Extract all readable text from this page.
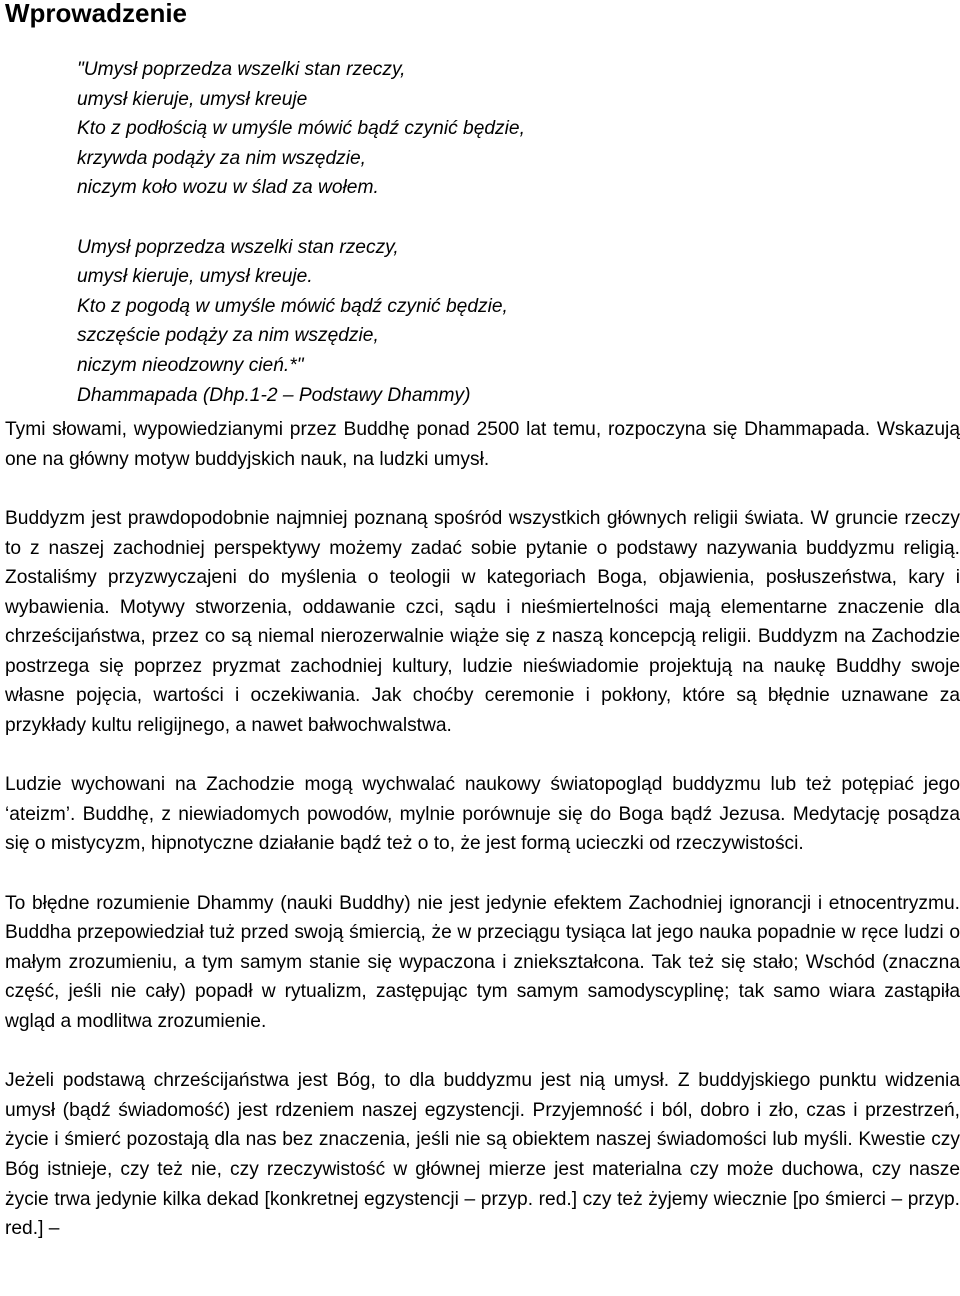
Wprowadzenie
"Umysł poprzedza wszelki stan rzeczy,
umysł kieruje, umysł kreuje
Kto z podłością w umyśle mówić bądź czynić będzie,
krzywda podąży za nim wszędzie,
niczym koło wozu w ślad za wołem.
Umysł poprzedza wszelki stan rzeczy,
umysł kieruje, umysł kreuje.
Kto z pogodą w umyśle mówić bądź czynić będzie,
szczęście podąży za nim wszędzie,
niczym nieodzowny cień.*"
Dhammapada (Dhp.1-2 – Podstawy Dhammy)

Tymi słowami, wypowiedzianymi przez Buddhę ponad 2500 lat temu, rozpoczyna się Dhammapada. Wskazują one na główny motyw buddyjskich nauk, na ludzki umysł.

Buddyzm jest prawdopodobnie najmniej poznaną spośród wszystkich głównych religii świata. W gruncie rzeczy to z naszej zachodniej perspektywy możemy zadać sobie pytanie o podstawy nazywania buddyzmu religią. Zostaliśmy przyzwyczajeni do myślenia o teologii w kategoriach Boga, objawienia, posłuszeństwa, kary i wybawienia. Motywy stworzenia, oddawanie czci, sądu i nieśmiertelności mają elementarne znaczenie dla chrześcijaństwa, przez co są niemal nierozerwalnie wiąże się z naszą koncepcją religii. Buddyzm na Zachodzie postrzega się poprzez pryzmat zachodniej kultury, ludzie nieświadomie projektują na naukę Buddhy swoje własne pojęcia, wartości i oczekiwania. Jak choćby ceremonie i pokłony, które są błędnie uznawane za przykłady kultu religijnego, a nawet bałwochwalstwa.

Ludzie wychowani na Zachodzie mogą wychwalać naukowy światopogląd buddyzmu lub też potępiać jego ‘ateizm’. Buddhę, z niewiadomych powodów, mylnie porównuje się do Boga bądź Jezusa. Medytację posądza się o mistycyzm, hipnotyczne działanie bądź też o to, że jest formą ucieczki od rzeczywistości.

To błędne rozumienie Dhammy (nauki Buddhy) nie jest jedynie efektem Zachodniej ignorancji i etnocentryzmu. Buddha przepowiedział tuż przed swoją śmiercią, że w przeciągu tysiąca lat jego nauka popadnie w ręce ludzi o małym zrozumieniu, a tym samym stanie się wypaczona i zniekształcona. Tak też się stało; Wschód (znaczna część, jeśli nie cały) popadł w rytualizm, zastępując tym samym samodyscyplinę; tak samo wiara zastąpiła wgląd a modlitwa zrozumienie.

Jeżeli podstawą chrześcijaństwa jest Bóg, to dla buddyzmu jest nią umysł. Z buddyjskiego punktu widzenia umysł (bądź świadomość) jest rdzeniem naszej egzystencji. Przyjemność i ból, dobro i zło, czas i przestrzeń, życie i śmierć pozostają dla nas bez znaczenia, jeśli nie są obiektem naszej świadomości lub myśli. Kwestie czy Bóg istnieje, czy też nie, czy rzeczywistość w głównej mierze jest materialna czy może duchowa, czy nasze życie trwa jedynie kilka dekad [konkretnej egzystencji – przyp. red.] czy też żyjemy wiecznie [po śmierci – przyp. red.] –
